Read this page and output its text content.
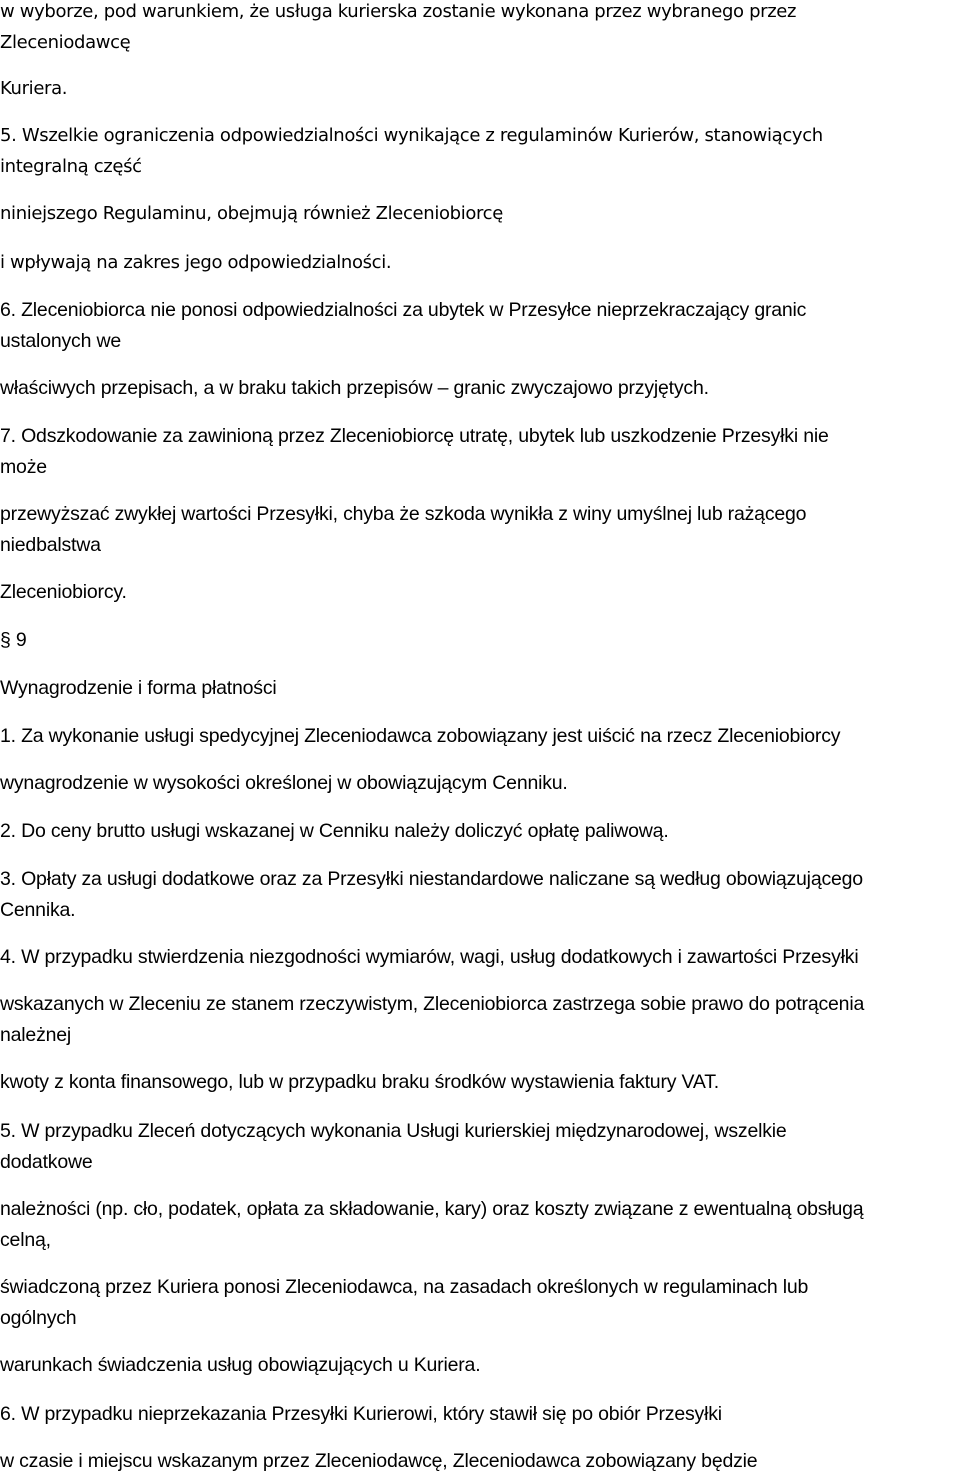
w wyborze, pod warunkiem, że usługa kurierska zostanie wykonana przez wybranego przez
Zleceniodawcę
Kuriera.
5. Wszelkie ograniczenia odpowiedzialności wynikające z regulaminów Kurierów, stanowiących
integralną część
niniejszego Regulaminu, obejmują również Zleceniobiorcę
i wpływają na zakres jego odpowiedzialności.
6. Zleceniobiorca nie ponosi odpowiedzialności za ubytek w Przesyłce nieprzekraczający granic
ustalonych we
właściwych przepisach, a w braku takich przepisów – granic zwyczajowo przyjętych.
7. Odszkodowanie za zawinioną przez Zleceniobiorcę utratę, ubytek lub uszkodzenie Przesyłki nie
może
przewyższać zwykłej wartości Przesyłki, chyba że szkoda wynikła z winy umyślnej lub rażącego
niedbalstwa
Zleceniobiorcy.
§ 9
Wynagrodzenie i forma płatności
1. Za wykonanie usługi spedycyjnej Zleceniodawca zobowiązany jest uiścić na rzecz Zleceniobiorcy
wynagrodzenie w wysokości określonej w obowiązującym Cenniku.
2. Do ceny brutto usługi wskazanej w Cenniku należy doliczyć opłatę paliwową.
3. Opłaty za usługi dodatkowe oraz za Przesyłki niestandardowe naliczane są według obowiązującego
Cennika.
4. W przypadku stwierdzenia niezgodności wymiarów, wagi, usług dodatkowych i zawartości Przesyłki
wskazanych w Zleceniu ze stanem rzeczywistym, Zleceniobiorca zastrzega sobie prawo do potrącenia
należnej
kwoty z konta finansowego, lub w przypadku braku środków wystawienia faktury VAT.
5. W przypadku Zleceń dotyczących wykonania Usługi kurierskiej międzynarodowej, wszelkie
dodatkowe
należności (np. cło, podatek, opłata za składowanie, kary) oraz koszty związane z ewentualną obsługą
celną,
świadczoną przez Kuriera ponosi Zleceniodawca, na zasadach określonych w regulaminach lub
ogólnych
warunkach świadczenia usług obowiązujących u Kuriera.
6. W przypadku nieprzekazania Przesyłki Kurierowi, który stawił się po obiór Przesyłki
w czasie i miejscu wskazanym przez Zleceniodawcę, Zleceniodawca zobowiązany będzie
